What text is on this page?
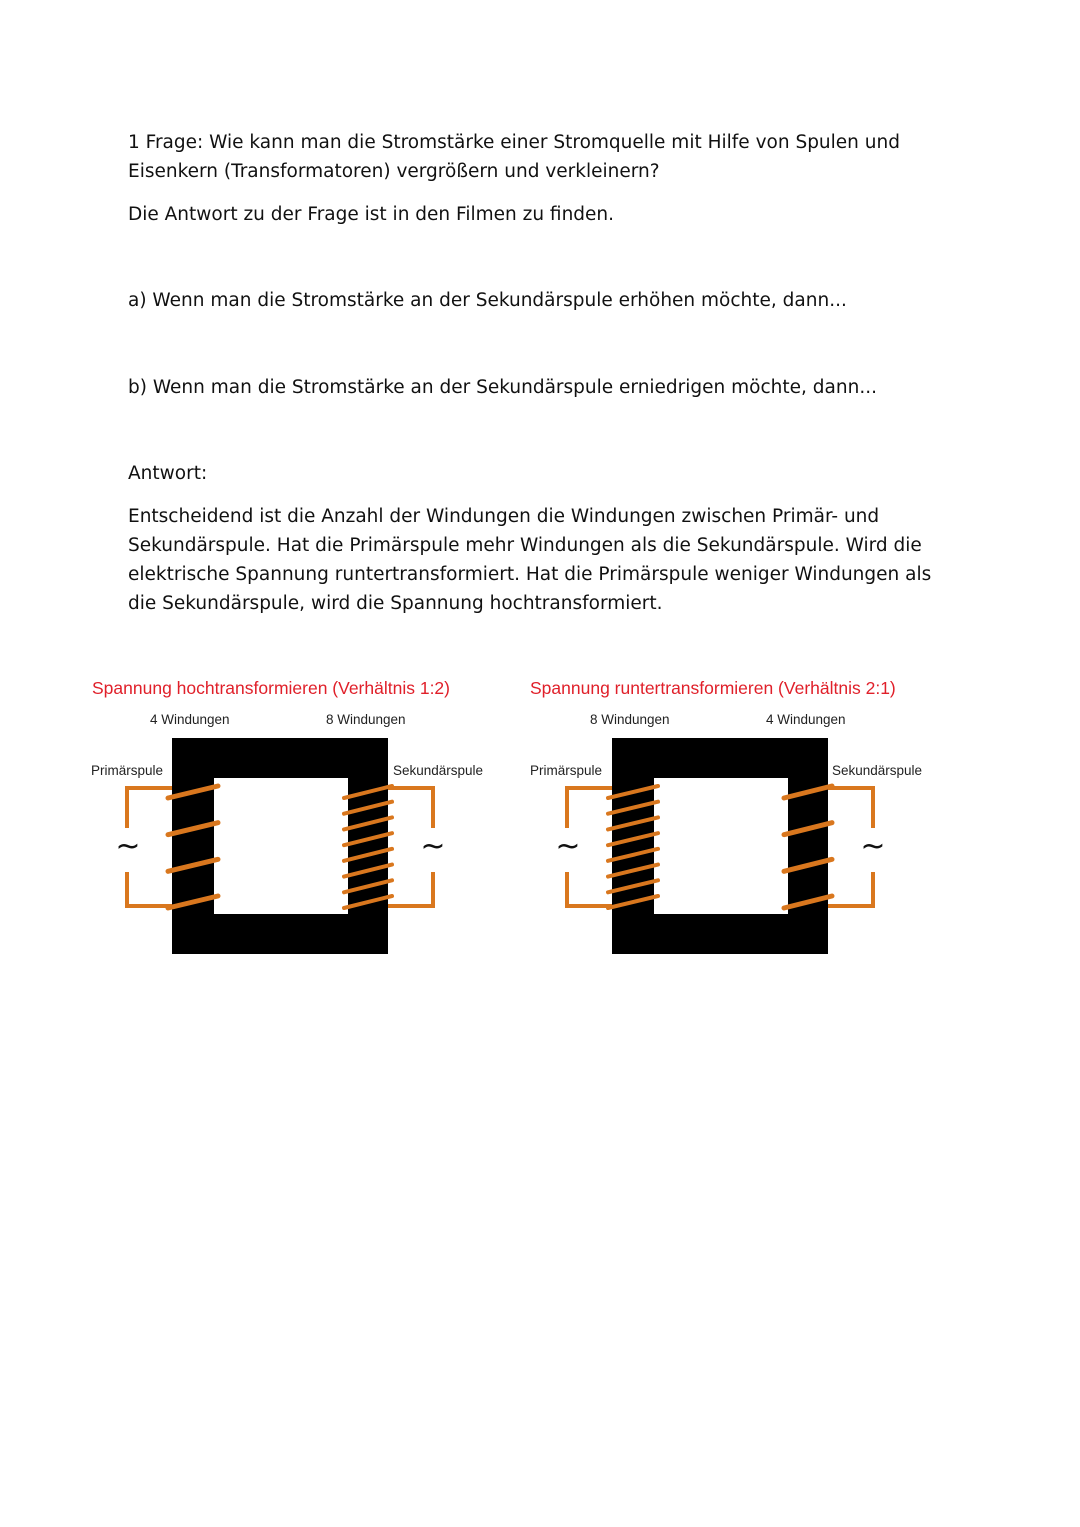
1 Frage: Wie kann man die Stromstärke einer Stromquelle mit Hilfe von Spulen und Eisenkern (Transformatoren) vergrößern und verkleinern?

Die Antwort zu der Frage ist in den Filmen zu finden.

a) Wenn man die Stromstärke an der Sekundärspule erhöhen möchte, dann...

b) Wenn man die Stromstärke an der Sekundärspule erniedrigen möchte, dann...

Antwort:

Entscheidend ist die Anzahl der Windungen die Windungen zwischen Primär- und Sekundärspule. Hat die Primärspule mehr Windungen als die Sekundärspule. Wird die elektrische Spannung runtertransformiert. Hat die Primärspule weniger Windungen als die Sekundärspule, wird die Spannung hochtransformiert.

Spannung hochtransformieren (Verhältnis 1:2)
4 Windungen	8 Windungen
Primärspule	Sekundärspule
~	~
Spannung runtertransformieren (Verhältnis 2:1)
8 Windungen	4 Windungen
Primärspule	Sekundärspule
~	~
